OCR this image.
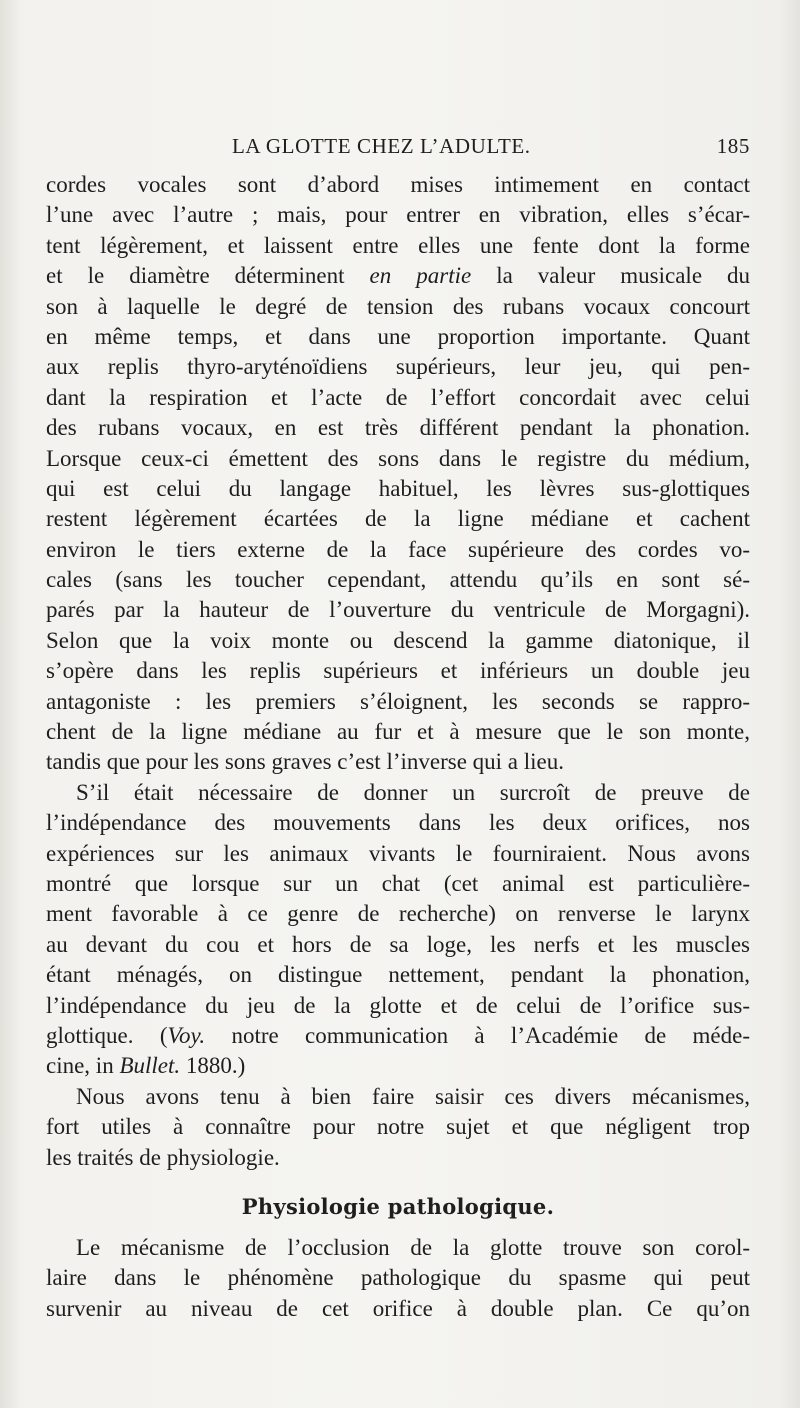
LA GLOTTE CHEZ L’ADULTE.	185
cordes vocales sont d’abord mises intimement en contact
l’une avec l’autre ; mais, pour entrer en vibration, elles s’écar-
tent légèrement, et laissent entre elles une fente dont la forme
et le diamètre déterminent en partie la valeur musicale du
son à laquelle le degré de tension des rubans vocaux concourt
en même temps, et dans une proportion importante. Quant
aux replis thyro-aryténoïdiens supérieurs, leur jeu, qui pen-
dant la respiration et l’acte de l’effort concordait avec celui
des rubans vocaux, en est très différent pendant la phonation.
Lorsque ceux-ci émettent des sons dans le registre du médium,
qui est celui du langage habituel, les lèvres sus-glottiques
restent légèrement écartées de la ligne médiane et cachent
environ le tiers externe de la face supérieure des cordes vo-
cales (sans les toucher cependant, attendu qu’ils en sont sé-
parés par la hauteur de l’ouverture du ventricule de Morgagni).
Selon que la voix monte ou descend la gamme diatonique, il
s’opère dans les replis supérieurs et inférieurs un double jeu
antagoniste : les premiers s’éloignent, les seconds se rappro-
chent de la ligne médiane au fur et à mesure que le son monte,
tandis que pour les sons graves c’est l’inverse qui a lieu.
S’il était nécessaire de donner un surcroît de preuve de
l’indépendance des mouvements dans les deux orifices, nos
expériences sur les animaux vivants le fourniraient. Nous avons
montré que lorsque sur un chat (cet animal est particulière-
ment favorable à ce genre de recherche) on renverse le larynx
au devant du cou et hors de sa loge, les nerfs et les muscles
étant ménagés, on distingue nettement, pendant la phonation,
l’indépendance du jeu de la glotte et de celui de l’orifice sus-
glottique. (Voy. notre communication à l’Académie de méde-
cine, in Bullet. 1880.)
Nous avons tenu à bien faire saisir ces divers mécanismes,
fort utiles à connaître pour notre sujet et que négligent trop
les traités de physiologie.
Physiologie pathologique.
Le mécanisme de l’occlusion de la glotte trouve son corol-
laire dans le phénomène pathologique du spasme qui peut
survenir au niveau de cet orifice à double plan. Ce qu’on
